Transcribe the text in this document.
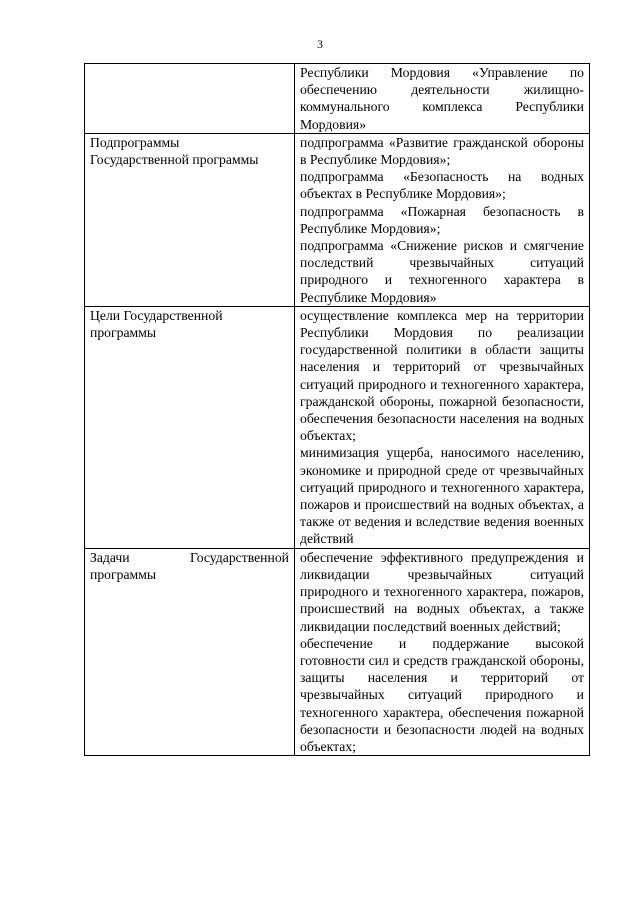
3

	Республики Мордовия «Управление по обеспечению деятельности жилищно-коммунального комплекса Республики Мордовия»

Подпрограммы
Государственной программы	подпрограмма «Развитие гражданской обороны в Республике Мордовия»;
подпрограмма «Безопасность на водных объектах в Республике Мордовия»;
подпрограмма «Пожарная безопасность в Республике Мордовия»;
подпрограмма «Снижение рисков и смягчение последствий чрезвычайных ситуаций природного и техногенного характера в Республике Мордовия»

Цели Государственной
программы	осуществление комплекса мер на территории Республики Мордовия по реализации государственной политики в области защиты населения и территорий от чрезвычайных ситуаций природного и техногенного характера, гражданской обороны, пожарной безопасности, обеспечения безопасности населения на водных объектах;
минимизация ущерба, наносимого населению, экономике и природной среде от чрезвычайных ситуаций природного и техногенного характера, пожаров и происшествий на водных объектах, а также от ведения и вследствие ведения военных действий

Задачи Государственной
программы	обеспечение эффективного предупреждения и ликвидации чрезвычайных ситуаций природного и техногенного характера, пожаров, происшествий на водных объектах, а также ликвидации последствий военных действий;
обеспечение и поддержание высокой готовности сил и средств гражданской обороны, защиты населения и территорий от чрезвычайных ситуаций природного и техногенного характера, обеспечения пожарной безопасности и безопасности людей на водных объектах;
